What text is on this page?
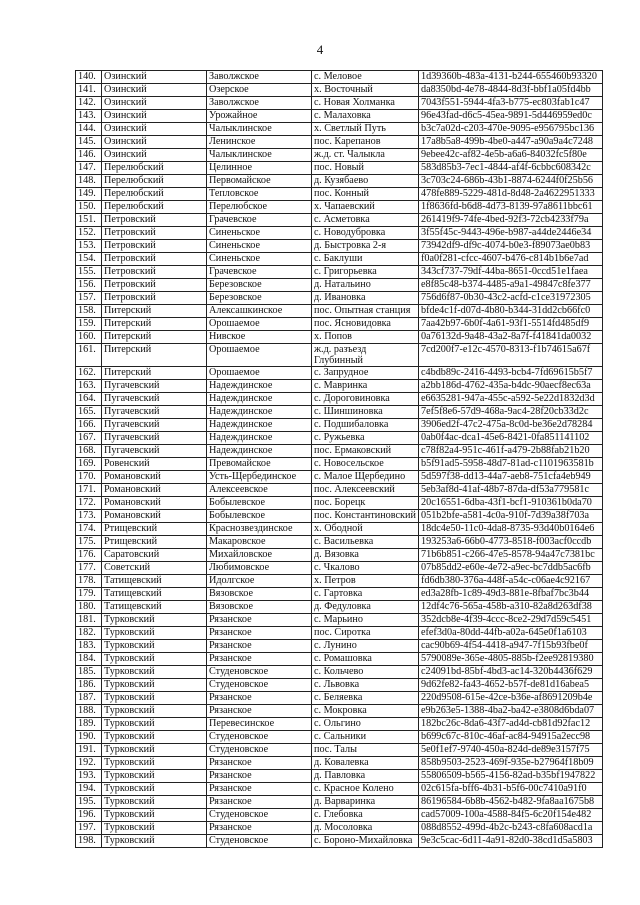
4
140.	Озинский	Заволжское	с. Меловое	1d39360b-483a-4131-b244-655460b93320
141.	Озинский	Озерское	х. Восточный	da8350bd-4e78-4844-8d3f-bbf1a05fd4bb
142.	Озинский	Заволжское	с. Новая Холманка	7043f551-5944-4fa3-b775-ec803fab1c47
143.	Озинский	Урожайное	с. Малаховка	96e43fad-d6c5-45ea-9891-5d446959ed0c
144.	Озинский	Чалыклинское	х. Светлый Путь	b3c7a02d-c203-470e-9095-e956795bc136
145.	Озинский	Ленинское	пос. Карепанов	17a8b5a8-499b-4be0-a447-a90a9a4c7248
146.	Озинский	Чалыклинское	ж.д. ст. Чалыкла	9ebee42c-af82-4e5b-a6a6-84032fc5f80e
147.	Перелюбский	Целинное	пос. Новый	583d85b3-7ec1-4844-af4f-6cbbc608342c
148.	Перелюбский	Первомайское	д. Кузябаево	3c703c24-686b-43b1-8874-6244f0f25b56
149.	Перелюбский	Тепловское	пос. Конный	478fe889-5229-481d-8d48-2a4622951333
150.	Перелюбский	Перелюбское	х. Чапаевский	1f8636fd-b6d8-4d73-8139-97a8611bbc61
151.	Петровский	Грачевское	с. Асметовка	261419f9-74fe-4bed-92f3-72cb4233f79a
152.	Петровский	Синеньское	с. Новодубровка	3f55f45c-9443-496e-b987-a44de2446e34
153.	Петровский	Синеньское	д. Быстровка 2-я	73942df9-df9c-4074-b0e3-f89073ae0b83
154.	Петровский	Синеньское	с. Баклуши	f0a0f281-cfcc-4607-b476-c814b1b6e7ad
155.	Петровский	Грачевское	с. Григорьевка	343cf737-79df-44ba-8651-0ccd51e1faea
156.	Петровский	Березовское	д. Натальино	e8f85c48-b374-4485-a9a1-49847c8fe377
157.	Петровский	Березовское	д. Ивановка	756d6f87-0b30-43c2-acfd-c1ce31972305
158.	Питерский	Алексашкинское	пос. Опытная станция	bfde4c1f-d07d-4b80-b344-31dd2cb66fc0
159.	Питерский	Орошаемое	пос. Ясновидовка	7aa42b97-6b0f-4a61-93f1-5514fd485df9
160.	Питерский	Нивское	х. Попов	0a76132d-9a48-43a2-8a7f-f41841da0032
161.	Питерский	Орошаемое	ж.д. разъезд Глубинный	7cd200f7-e12c-4570-8313-f1b74615a67f
162.	Питерский	Орошаемое	с. Запрудное	c4bdb89c-2416-4493-bcb4-7fd69615b5f7
163.	Пугачевский	Надеждинское	с. Мавринка	a2bb186d-4762-435a-b4dc-90aecf8ec63a
164.	Пугачевский	Надеждинское	с. Дороговиновка	e6635281-947a-455c-a592-5e22d1832d3d
165.	Пугачевский	Надеждинское	с. Шиншиновка	7ef5f8e6-57d9-468a-9ac4-28f20cb33d2c
166.	Пугачевский	Надеждинское	с. Подшибаловка	3906ed2f-47c2-475a-8c0d-be36e2d78284
167.	Пугачевский	Надеждинское	с. Ружьевка	0ab0f4ac-dca1-45e6-8421-0fa851141102
168.	Пугачевский	Надеждинское	пос. Ермаковский	c78f82a4-951c-461f-a479-2b88fab21b20
169.	Ровенский	Превомайское	с. Новосельское	b5f91ad5-5958-48d7-81ad-c1101963581b
170.	Романовский	Усть-Щербединское	с. Малое Щербедино	5d597f38-dd13-44a7-aeb8-751cfa4eb949
171.	Романовский	Алексеевское	пос. Алексеевский	5eb3af8d-41af-48b7-87da-df53a779581c
172.	Романовский	Бобылевское	пос. Борецк	20c16551-6dba-43f1-bcf1-910361b0da70
173.	Романовский	Бобылевское	пос. Константиновский	051b2bfe-a581-4c0a-910f-7d39a38f703a
174.	Ртищевский	Краснозвездинское	х. Ободной	18dc4e50-11c0-4da8-8735-93d40b0164e6
175.	Ртищевский	Макаровское	с. Васильевка	193253a6-66b0-4773-8518-f003acf0ccdb
176.	Саратовский	Михайловское	д. Вязовка	71b6b851-c266-47e5-8578-94a47c7381bc
177.	Советский	Любимовское	с. Чкалово	07b85dd2-e60e-4e72-a9ec-bc7ddb5ac6fb
178.	Татищевский	Идолгское	х. Петров	fd6db380-376a-448f-a54c-c06ae4c92167
179.	Татищевский	Вязовское	с. Гартовка	ed3a28fb-1c89-49d3-881e-8fbaf7bc3b44
180.	Татищевский	Вязовское	д. Федуловка	12df4c76-565a-458b-a310-82a8d263df38
181.	Турковский	Рязанское	с. Марьино	352dcb8e-4f39-4ccc-8ce2-29d7d59c5451
182.	Турковский	Рязанское	пос. Сиротка	efef3d0a-80dd-44fb-a02a-645e0f1a6103
183.	Турковский	Рязанское	с. Лунино	cac90b69-4f54-4418-a947-7f15b93fbe0f
184.	Турковский	Рязанское	с. Ромашовка	5790089e-365e-4805-885b-f2ee92819380
185.	Турковский	Студеновское	с. Кольчево	c24091bd-85bf-4bd3-ac14-320b4436f629
186.	Турковский	Студеновское	с. Львовка	9d62fe82-fa43-4652-b57f-de81d16abea5
187.	Турковский	Рязанское	с. Беляевка	220d9508-615e-42ce-b36e-af8691209b4e
188.	Турковский	Рязанское	с. Мокровка	e9b263e5-1388-4ba2-ba42-e3808d6bda07
189.	Турковский	Перевесинское	с. Ольгино	182bc26c-8da6-43f7-ad4d-cb81d92fac12
190.	Турковский	Студеновское	с. Сальники	b699c67c-810c-46af-ac84-94915a2ecc98
191.	Турковский	Студеновское	пос. Талы	5e0f1ef7-9740-450a-824d-de89e3157f75
192.	Турковский	Рязанское	д. Ковалевка	858b9503-2523-469f-935e-b27964f18b09
193.	Турковский	Рязанское	д. Павловка	55806509-b565-4156-82ad-b35bf1947822
194.	Турковский	Рязанское	с. Красное Колено	02c615fa-bff6-4b31-b5f6-00c7410a91f0
195.	Турковский	Рязанское	д. Варваринка	86196584-6b8b-4562-b482-9fa8aa1675b8
196.	Турковский	Студеновское	с. Глебовка	cad57009-100a-4588-84f5-6c20f154e482
197.	Турковский	Рязанское	д. Мосоловка	088d8552-499d-4b2c-b243-c8fa608acd1a
198.	Турковский	Студеновское	с. Бороно-Михайловка	9e3c5cac-6d11-4a91-82d0-38cd1d5a5803
